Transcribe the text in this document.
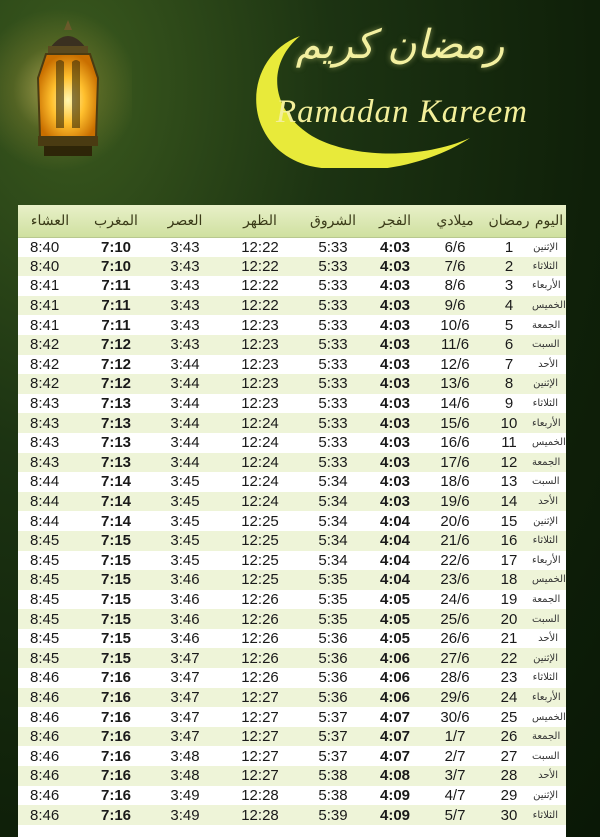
رمضان كريم
Ramadan Kareem
العشاء	المغرب	العصر	الظهر	الشروق	الفجر	ميلادي	رمضان	اليوم
8:40	7:10	3:43	12:22	5:33	4:03	6/6	1	الإثنين
8:40	7:10	3:43	12:22	5:33	4:03	7/6	2	الثلاثاء
8:41	7:11	3:43	12:22	5:33	4:03	8/6	3	الأربعاء
8:41	7:11	3:43	12:22	5:33	4:03	9/6	4	الخميس
8:41	7:11	3:43	12:23	5:33	4:03	10/6	5	الجمعة
8:42	7:12	3:43	12:23	5:33	4:03	11/6	6	السبت
8:42	7:12	3:44	12:23	5:33	4:03	12/6	7	الأحد
8:42	7:12	3:44	12:23	5:33	4:03	13/6	8	الإثنين
8:43	7:13	3:44	12:23	5:33	4:03	14/6	9	الثلاثاء
8:43	7:13	3:44	12:24	5:33	4:03	15/6	10	الأربعاء
8:43	7:13	3:44	12:24	5:33	4:03	16/6	11	الخميس
8:43	7:13	3:44	12:24	5:33	4:03	17/6	12	الجمعة
8:44	7:14	3:45	12:24	5:34	4:03	18/6	13	السبت
8:44	7:14	3:45	12:24	5:34	4:03	19/6	14	الأحد
8:44	7:14	3:45	12:25	5:34	4:04	20/6	15	الإثنين
8:45	7:15	3:45	12:25	5:34	4:04	21/6	16	الثلاثاء
8:45	7:15	3:45	12:25	5:34	4:04	22/6	17	الأربعاء
8:45	7:15	3:46	12:25	5:35	4:04	23/6	18	الخميس
8:45	7:15	3:46	12:26	5:35	4:05	24/6	19	الجمعة
8:45	7:15	3:46	12:26	5:35	4:05	25/6	20	السبت
8:45	7:15	3:46	12:26	5:36	4:05	26/6	21	الأحد
8:45	7:15	3:47	12:26	5:36	4:06	27/6	22	الإثنين
8:46	7:16	3:47	12:26	5:36	4:06	28/6	23	الثلاثاء
8:46	7:16	3:47	12:27	5:36	4:06	29/6	24	الأربعاء
8:46	7:16	3:47	12:27	5:37	4:07	30/6	25	الخميس
8:46	7:16	3:47	12:27	5:37	4:07	1/7	26	الجمعة
8:46	7:16	3:48	12:27	5:37	4:07	2/7	27	السبت
8:46	7:16	3:48	12:27	5:38	4:08	3/7	28	الأحد
8:46	7:16	3:49	12:28	5:38	4:09	4/7	29	الإثنين
8:46	7:16	3:49	12:28	5:39	4:09	5/7	30	الثلاثاء
